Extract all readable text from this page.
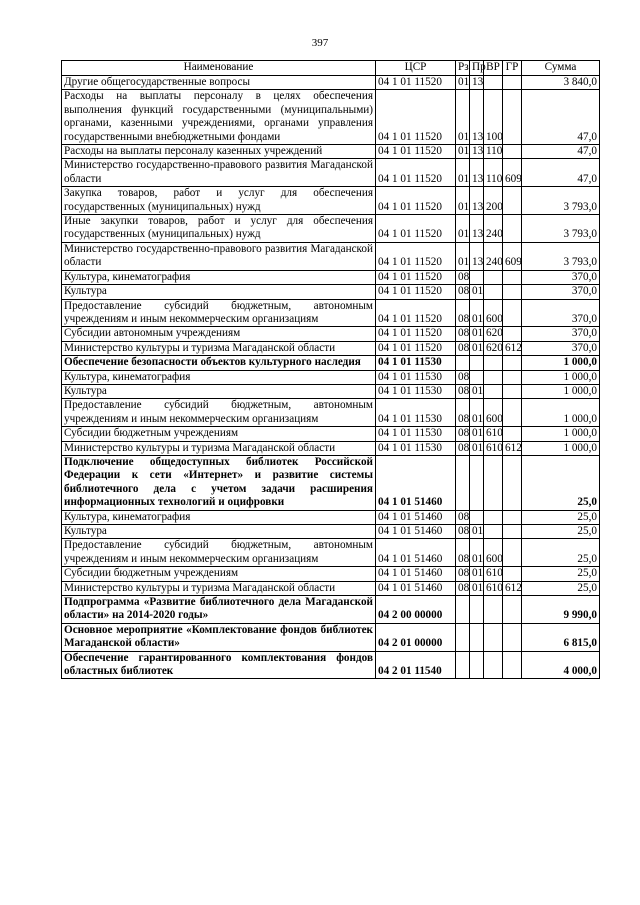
397
Наименование	ЦСР	Рз	Пр	ВР	ГР	Сумма
Другие общегосударственные вопросы	04 1 01 11520	01	13			3 840,0
Расходы на выплаты персоналу в целях обеспечения выполнения функций государственными (муниципальными) органами, казенными учреждениями, органами управления государственными внебюджетными фондами	04 1 01 11520	01	13	100		47,0
Расходы на выплаты персоналу казенных учреждений	04 1 01 11520	01	13	110		47,0
Министерство государственно-правового развития Магаданской области	04 1 01 11520	01	13	110	609	47,0
Закупка товаров, работ и услуг для обеспечения государственных (муниципальных) нужд	04 1 01 11520	01	13	200		3 793,0
Иные закупки товаров, работ и услуг для обеспечения государственных (муниципальных) нужд	04 1 01 11520	01	13	240		3 793,0
Министерство государственно-правового развития Магаданской области	04 1 01 11520	01	13	240	609	3 793,0
Культура, кинематография	04 1 01 11520	08				370,0
Культура	04 1 01 11520	08	01			370,0
Предоставление субсидий бюджетным, автономным учреждениям и иным некоммерческим организациям	04 1 01 11520	08	01	600		370,0
Субсидии автономным учреждениям	04 1 01 11520	08	01	620		370,0
Министерство культуры и туризма Магаданской области	04 1 01 11520	08	01	620	612	370,0
Обеспечение безопасности объектов культурного наследия	04 1 01 11530					1 000,0
Культура, кинематография	04 1 01 11530	08				1 000,0
Культура	04 1 01 11530	08	01			1 000,0
Предоставление субсидий бюджетным, автономным учреждениям и иным некоммерческим организациям	04 1 01 11530	08	01	600		1 000,0
Субсидии бюджетным учреждениям	04 1 01 11530	08	01	610		1 000,0
Министерство культуры и туризма Магаданской области	04 1 01 11530	08	01	610	612	1 000,0
Подключение общедоступных библиотек Российской Федерации к сети «Интернет» и развитие системы библиотечного дела с учетом задачи расширения информационных технологий и оцифровки	04 1 01 51460					25,0
Культура, кинематография	04 1 01 51460	08				25,0
Культура	04 1 01 51460	08	01			25,0
Предоставление субсидий бюджетным, автономным учреждениям и иным некоммерческим организациям	04 1 01 51460	08	01	600		25,0
Субсидии бюджетным учреждениям	04 1 01 51460	08	01	610		25,0
Министерство культуры и туризма Магаданской области	04 1 01 51460	08	01	610	612	25,0
Подпрограмма «Развитие библиотечного дела Магаданской области» на 2014-2020 годы»	04 2 00 00000					9 990,0
Основное мероприятие «Комплектование фондов библиотек Магаданской области»	04 2 01 00000					6 815,0
Обеспечение гарантированного комплектования фондов областных библиотек	04 2 01 11540					4 000,0
